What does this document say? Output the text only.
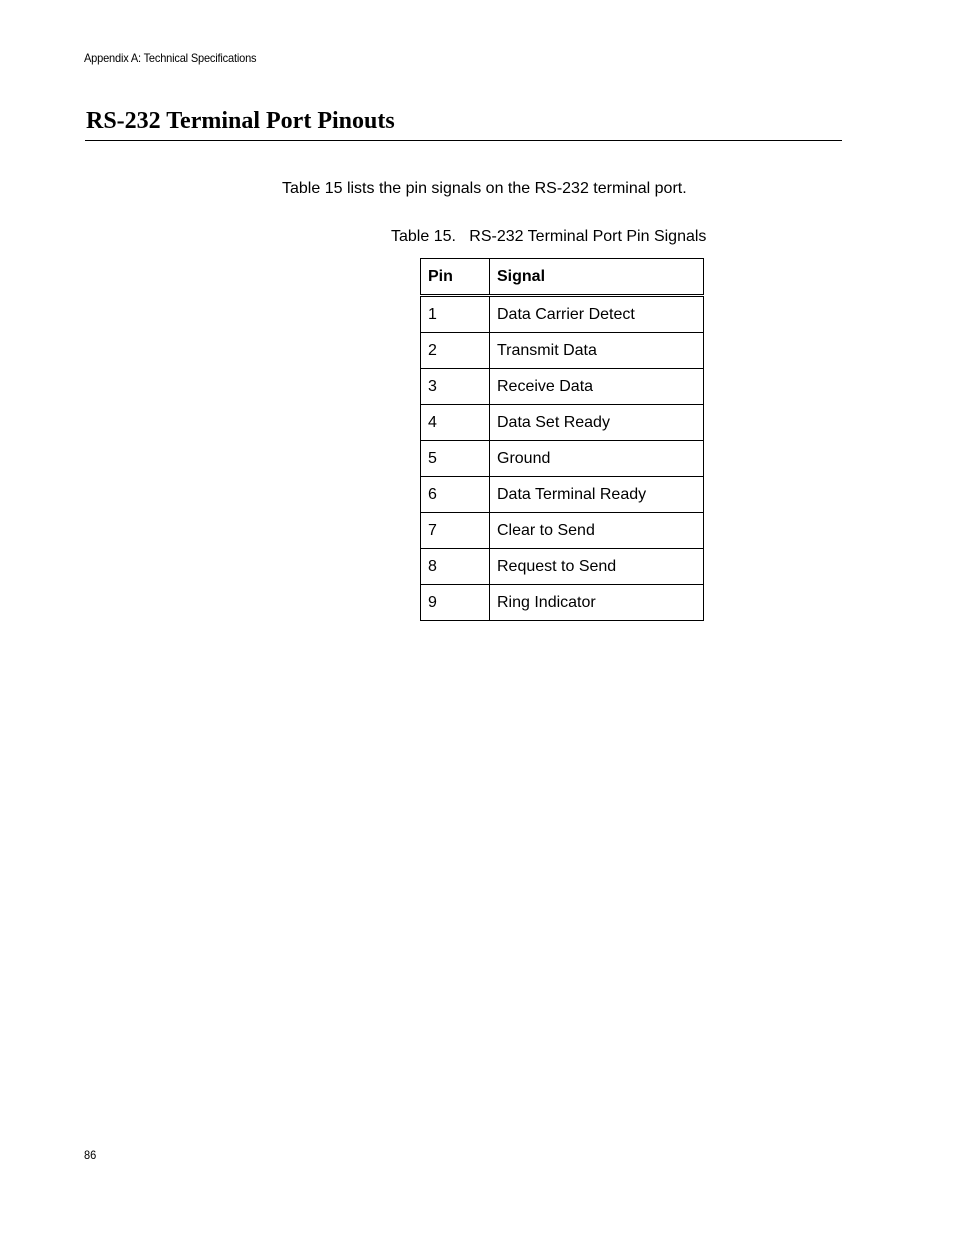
Appendix A: Technical Specifications
RS-232 Terminal Port Pinouts

Table 15 lists the pin signals on the RS-232 terminal port.

Table 15.   RS-232 Terminal Port Pin Signals
Pin	Signal
1	Data Carrier Detect
2	Transmit Data
3	Receive Data
4	Data Set Ready
5	Ground
6	Data Terminal Ready
7	Clear to Send
8	Request to Send
9	Ring Indicator
86
